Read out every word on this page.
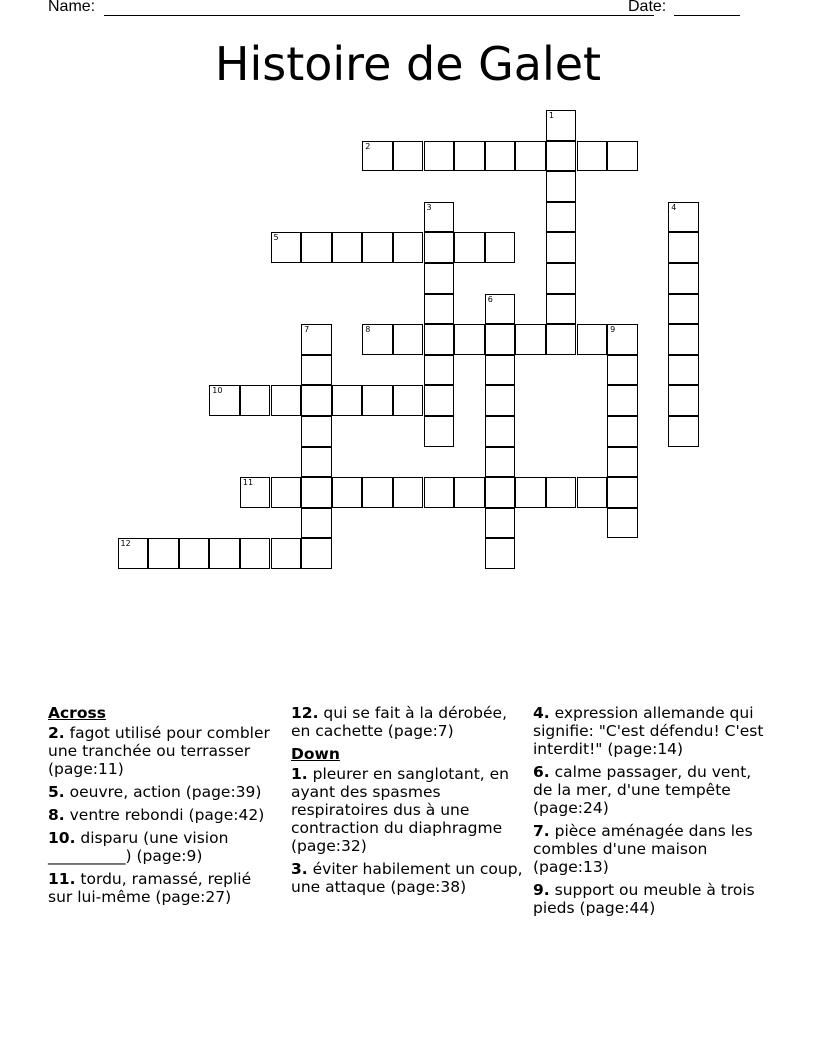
Name:	Date:
Histoire de Galet
1
2
3	4
5
6
7	8	9
10
11
12
Across
2. fagot utilisé pour combler une tranchée ou terrasser (page:11)
5. oeuvre, action (page:39)
8. ventre rebondi (page:42)
10. disparu (une vision __________) (page:9)
11. tordu, ramassé, replié sur lui-même (page:27)
12. qui se fait à la dérobée, en cachette (page:7)
Down
1. pleurer en sanglotant, en ayant des spasmes respiratoires dus à une contraction du diaphragme (page:32)
3. éviter habilement un coup, une attaque (page:38)
4. expression allemande qui signifie: "C'est défendu! C'est interdit!" (page:14)
6. calme passager, du vent, de la mer, d'une tempête (page:24)
7. pièce aménagée dans les combles d'une maison (page:13)
9. support ou meuble à trois pieds (page:44)
